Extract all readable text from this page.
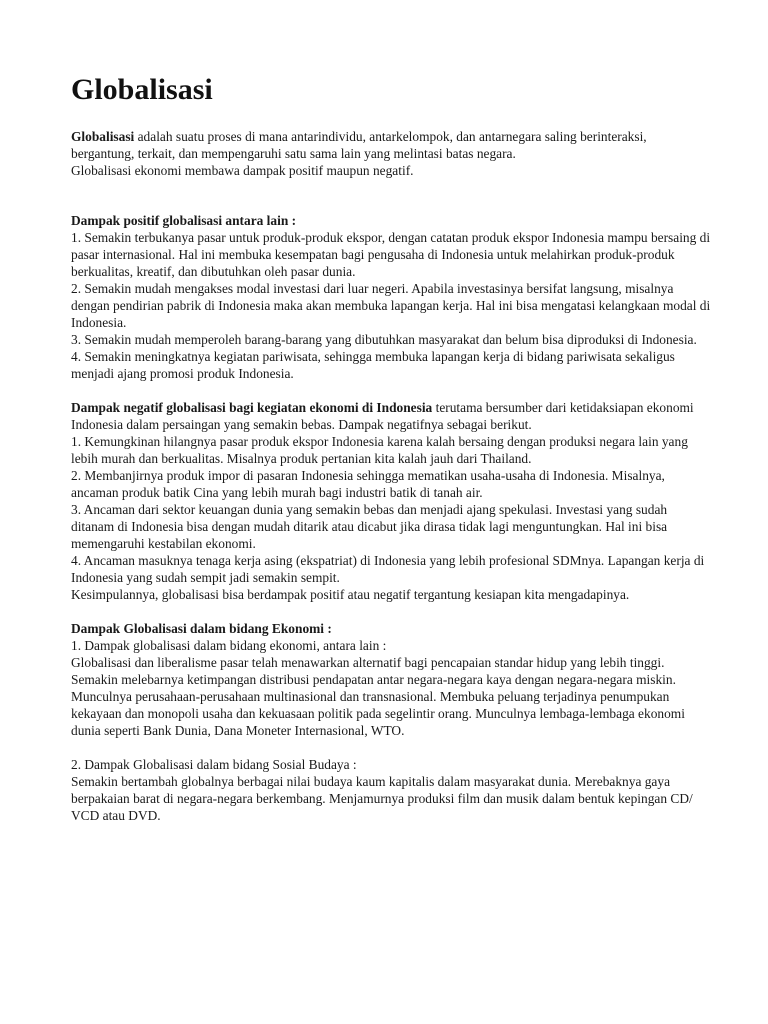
Globalisasi

Globalisasi adalah suatu proses di mana antarindividu, antarkelompok, dan antarnegara saling berinteraksi, bergantung, terkait, dan mempengaruhi satu sama lain yang melintasi batas negara.

Globalisasi ekonomi membawa dampak positif maupun negatif.

Dampak positif globalisasi antara lain :

1. Semakin terbukanya pasar untuk produk-produk ekspor, dengan catatan produk ekspor Indonesia mampu bersaing di pasar internasional. Hal ini membuka kesempatan bagi pengusaha di Indonesia untuk melahirkan produk-produk berkualitas, kreatif, dan dibutuhkan oleh pasar dunia.

2. Semakin mudah mengakses modal investasi dari luar negeri. Apabila investasinya bersifat langsung, misalnya dengan pendirian pabrik di Indonesia maka akan membuka lapangan kerja. Hal ini bisa mengatasi kelangkaan modal di Indonesia.

3. Semakin mudah memperoleh barang-barang yang dibutuhkan masyarakat dan belum bisa diproduksi di Indonesia.

4. Semakin meningkatnya kegiatan pariwisata, sehingga membuka lapangan kerja di bidang pariwisata sekaligus menjadi ajang promosi produk Indonesia.

Dampak negatif globalisasi bagi kegiatan ekonomi di Indonesia terutama bersumber dari ketidaksiapan ekonomi Indonesia dalam persaingan yang semakin bebas. Dampak negatifnya sebagai berikut.

1. Kemungkinan hilangnya pasar produk ekspor Indonesia karena kalah bersaing dengan produksi negara lain yang lebih murah dan berkualitas. Misalnya produk pertanian kita kalah jauh dari Thailand.

2. Membanjirnya produk impor di pasaran Indonesia sehingga mematikan usaha-usaha di Indonesia. Misalnya, ancaman produk batik Cina yang lebih murah bagi industri batik di tanah air.

3. Ancaman dari sektor keuangan dunia yang semakin bebas dan menjadi ajang spekulasi. Investasi yang sudah ditanam di Indonesia bisa dengan mudah ditarik atau dicabut jika dirasa tidak lagi menguntungkan. Hal ini bisa memengaruhi kestabilan ekonomi.

4. Ancaman masuknya tenaga kerja asing (ekspatriat) di Indonesia yang lebih profesional SDMnya. Lapangan kerja di Indonesia yang sudah sempit jadi semakin sempit.

Kesimpulannya, globalisasi bisa berdampak positif atau negatif tergantung kesiapan kita mengadapinya.

Dampak Globalisasi dalam bidang Ekonomi :

1. Dampak globalisasi dalam bidang ekonomi, antara lain :

Globalisasi dan liberalisme pasar telah menawarkan alternatif bagi pencapaian standar hidup yang lebih tinggi. Semakin melebarnya ketimpangan distribusi pendapatan antar negara-negara kaya dengan negara-negara miskin. Munculnya perusahaan-perusahaan multinasional dan transnasional. Membuka peluang terjadinya penumpukan kekayaan dan monopoli usaha dan kekuasaan politik pada segelintir orang. Munculnya lembaga-lembaga ekonomi dunia seperti Bank Dunia, Dana Moneter Internasional, WTO.

2. Dampak Globalisasi dalam bidang Sosial Budaya :

Semakin bertambah globalnya berbagai nilai budaya kaum kapitalis dalam masyarakat dunia. Merebaknya gaya berpakaian barat di negara-negara berkembang. Menjamurnya produksi film dan musik dalam bentuk kepingan CD/ VCD atau DVD.
